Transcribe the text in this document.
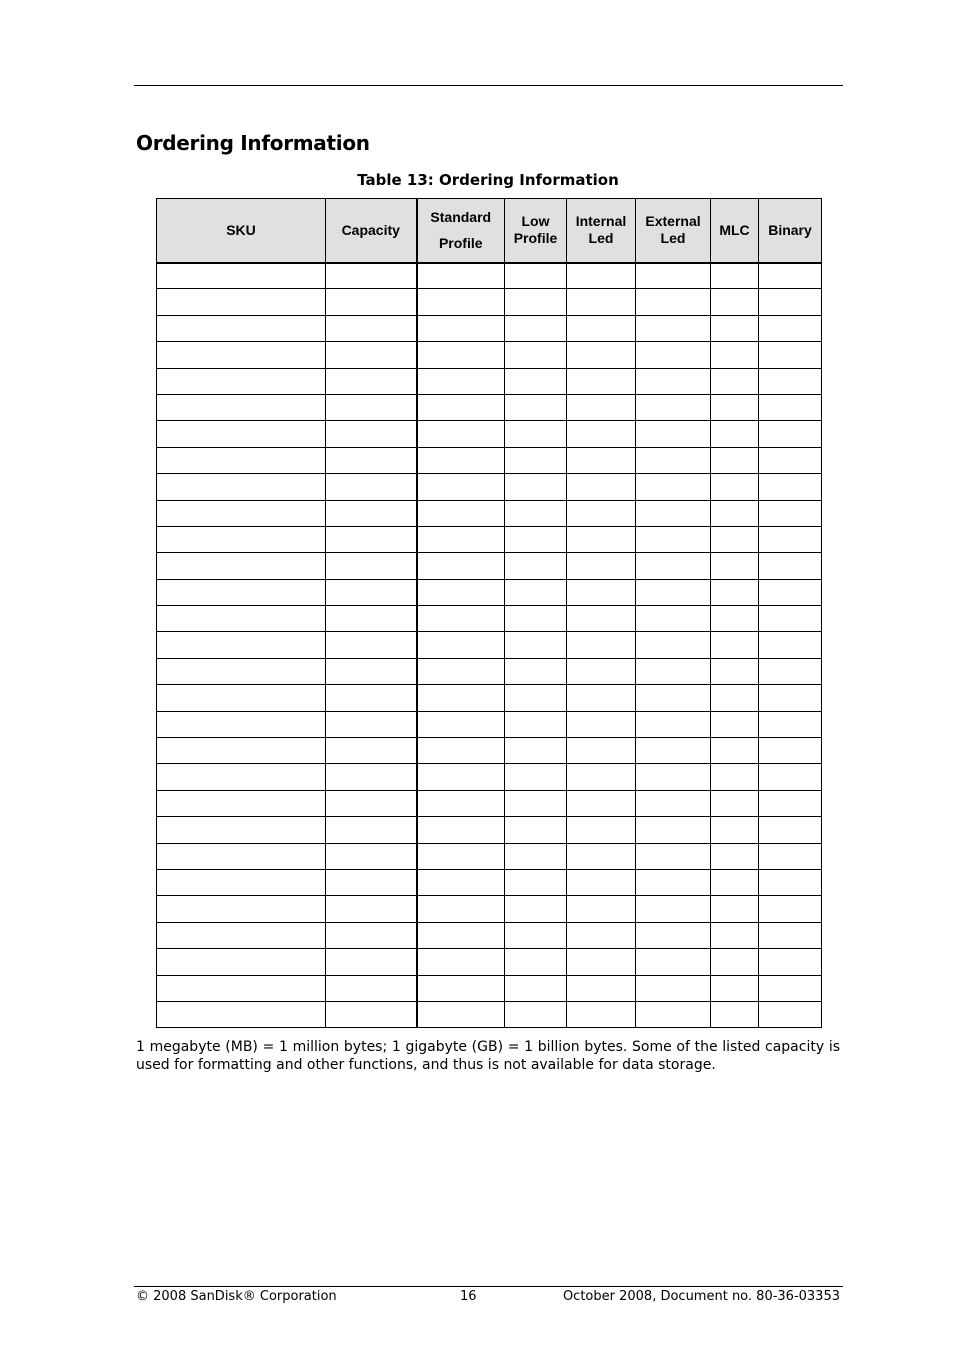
Ordering Information
Table 13: Ordering Information
SKU	Capacity	Standard Profile	Low Profile	Internal Led	External Led	MLC	Binary

1 megabyte (MB) = 1 million bytes; 1 gigabyte (GB) = 1 billion bytes. Some of the listed capacity is used for formatting and other functions, and thus is not available for data storage.
© 2008 SanDisk® Corporation	16	October 2008, Document no. 80-36-03353
